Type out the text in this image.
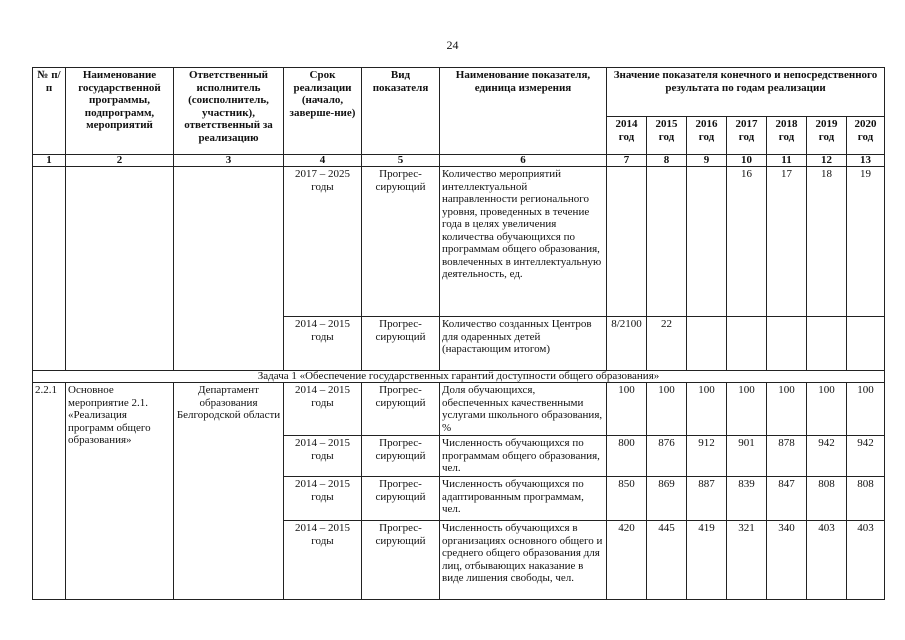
24
№ п/п	Наименование государственной программы, подпрограмм, мероприятий	Ответственный исполнитель (соисполнитель, участник), ответственный за реализацию	Срок реализации (начало, заверше-ние)	Вид показателя	Наименование показателя, единица измерения	Значение показателя конечного и непосредственного результата по годам реализации						
						2014 год	2015 год	2016 год	2017 год	2018 год	2019 год	2020 год
1	2	3	4	5	6	7	8	9	10	11	12	13
			2017 – 2025 годы	Прогрес-сирующий	Количество мероприятий интеллектуальной направленности регионального уровня, проведенных в течение года в целях увеличения количества обучающихся по программам общего образования, вовлеченных в интеллектуальную деятельность, ед.				16	17	18	19
			2014 – 2015 годы	Прогрес-сирующий	Количество созданных Центров для одаренных детей (нарастающим итогом)	8/2100	22					
Задача 1 «Обеспечение государственных гарантий доступности общего образования»												
2.2.1	Основное мероприятие 2.1. «Реализация программ общего образования»	Департамент образования Белгородской области	2014 – 2015 годы	Прогрес-сирующий	Доля обучающихся, обеспеченных качественными услугами школьного образования, %	100	100	100	100	100	100	100
			2014 – 2015 годы	Прогрес-сирующий	Численность обучающихся по программам общего образования, чел.	800	876	912	901	878	942	942
			2014 – 2015 годы	Прогрес-сирующий	Численность обучающихся по адаптированным программам, чел.	850	869	887	839	847	808	808
			2014 – 2015 годы	Прогрес-сирующий	Численность обучающихся в организациях основного общего и среднего общего образования для лиц, отбывающих наказание в виде лишения свободы, чел.	420	445	419	321	340	403	403
